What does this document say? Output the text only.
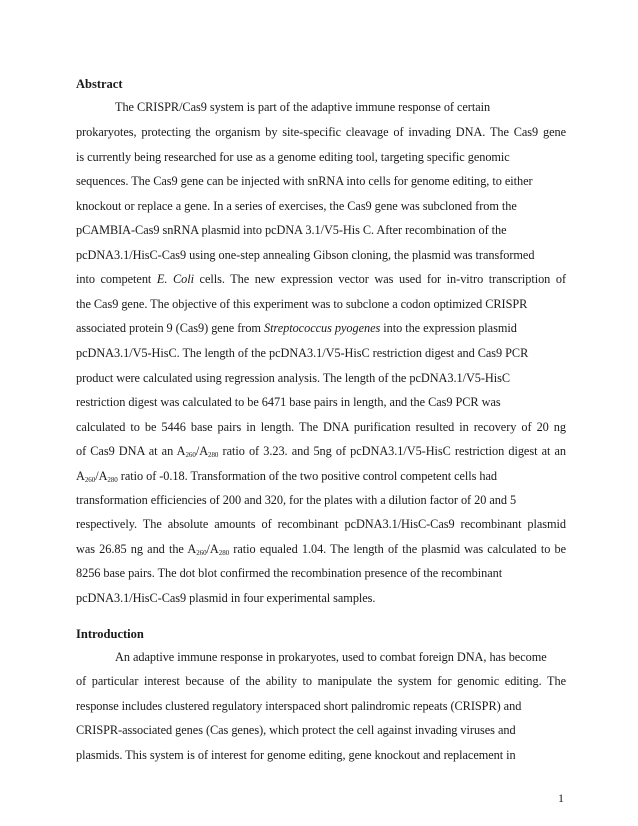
Abstract

The CRISPR/Cas9 system is part of the adaptive immune response of certain

prokaryotes, protecting the organism by site-specific cleavage of invading DNA. The Cas9 gene

is currently being researched for use as a genome editing tool, targeting specific genomic

sequences. The Cas9 gene can be injected with snRNA into cells for genome editing, to either

knockout or replace a gene. In a series of exercises, the Cas9 gene was subcloned from the

pCAMBIA-Cas9 snRNA plasmid into pcDNA 3.1/V5-His C. After recombination of the

pcDNA3.1/HisC-Cas9 using one-step annealing Gibson cloning, the plasmid was transformed

into competent E. Coli cells. The new expression vector was used for in-vitro transcription of

the Cas9 gene. The objective of this experiment was to subclone a codon optimized CRISPR

associated protein 9 (Cas9) gene from Streptococcus pyogenes into the expression plasmid

pcDNA3.1/V5-HisC. The length of the pcDNA3.1/V5-HisC restriction digest and Cas9 PCR

product were calculated using regression analysis. The length of the pcDNA3.1/V5-HisC

restriction digest was calculated to be 6471 base pairs in length, and the Cas9 PCR was

calculated to be 5446 base pairs in length. The DNA purification resulted in recovery of 20 ng

of Cas9 DNA at an $A_{260}/A_{280}$ ratio of 3.23. and 5ng of pcDNA3.1/V5-HisC restriction digest at an

$A_{260}/A_{280}$ ratio of -0.18. Transformation of the two positive control competent cells had

transformation efficiencies of 200 and 320, for the plates with a dilution factor of 20 and 5

respectively. The absolute amounts of recombinant pcDNA3.1/HisC-Cas9 recombinant plasmid

was 26.85 ng and the $A_{260}/A_{280}$ ratio equaled 1.04. The length of the plasmid was calculated to be

8256 base pairs. The dot blot confirmed the recombination presence of the recombinant

pcDNA3.1/HisC-Cas9 plasmid in four experimental samples.

Introduction

An adaptive immune response in prokaryotes, used to combat foreign DNA, has become

of particular interest because of the ability to manipulate the system for genomic editing. The

response includes clustered regulatory interspaced short palindromic repeats (CRISPR) and

CRISPR-associated genes (Cas genes), which protect the cell against invading viruses and

plasmids. This system is of interest for genome editing, gene knockout and replacement in

1
